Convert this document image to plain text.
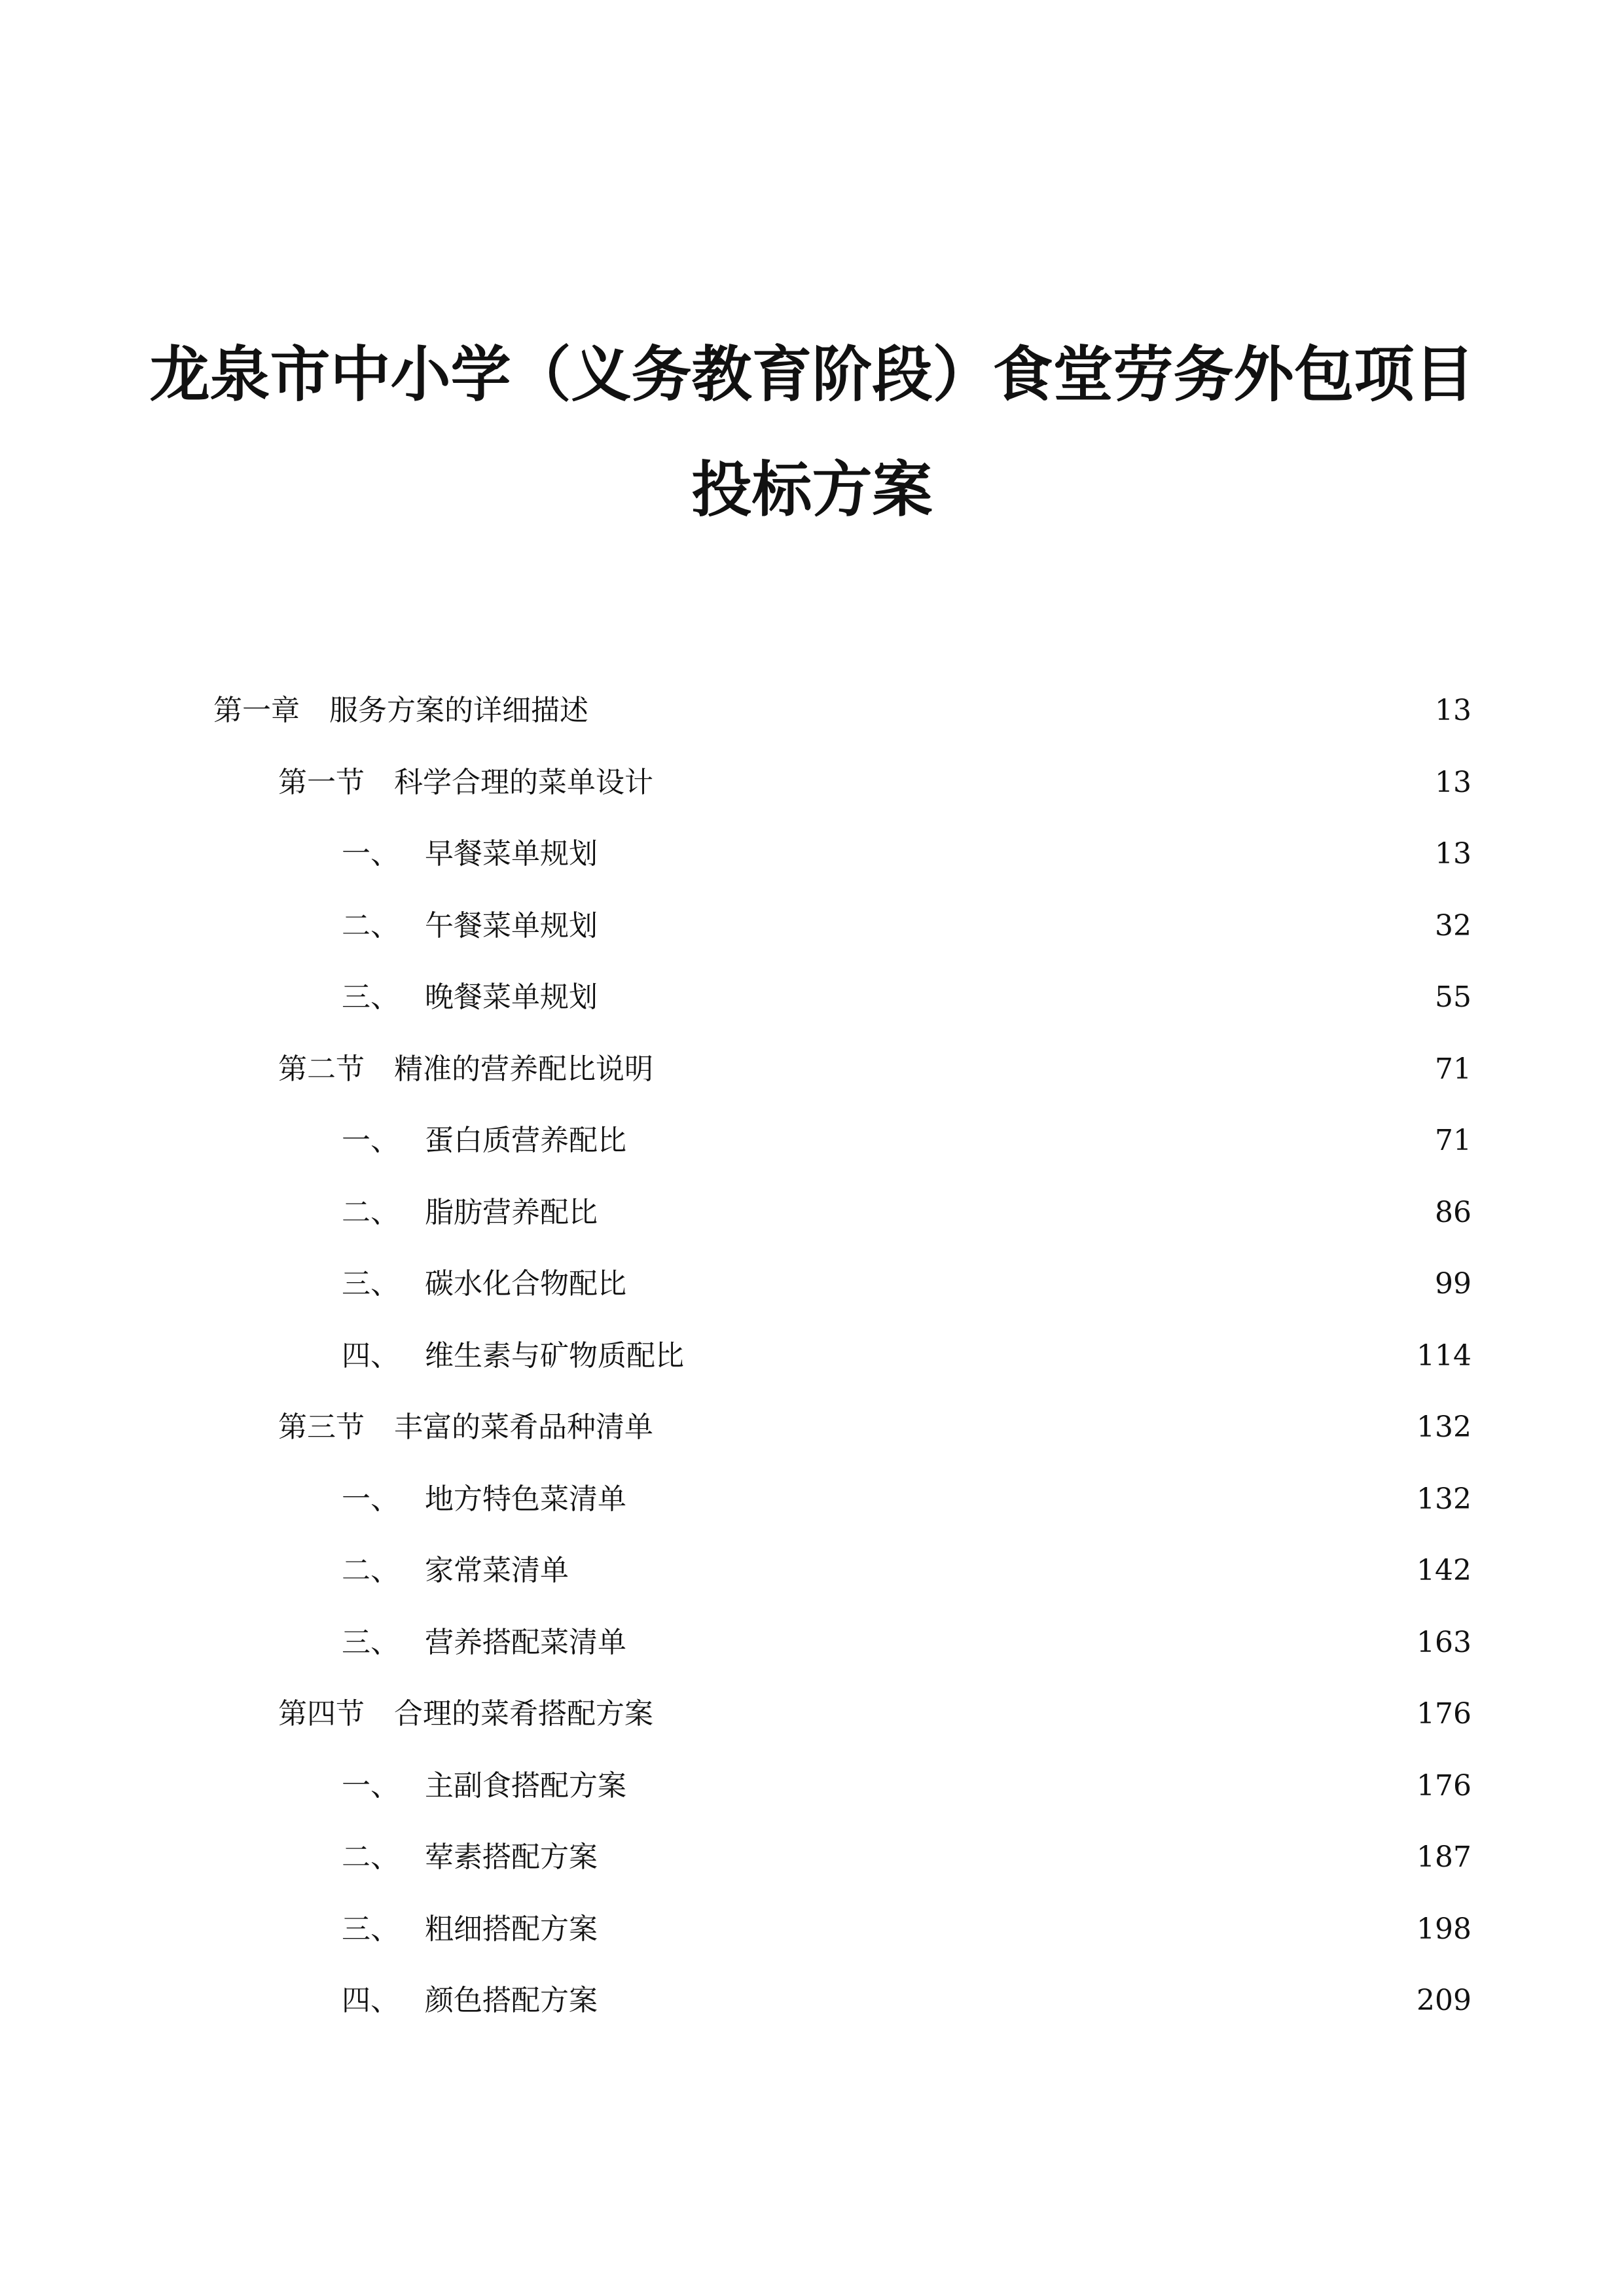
龙泉市中小学（义务教育阶段）食堂劳务外包项目
投标方案
第一章	服务方案的详细描述	13
第一节	科学合理的菜单设计	13
一、 早餐菜单规划	13
二、 午餐菜单规划	32
三、 晚餐菜单规划	55
第二节	精准的营养配比说明	71
一、 蛋白质营养配比	71
二、 脂肪营养配比	86
三、 碳水化合物配比	99
四、 维生素与矿物质配比	114
第三节	丰富的菜肴品种清单	132
一、 地方特色菜清单	132
二、 家常菜清单	142
三、 营养搭配菜清单	163
第四节	合理的菜肴搭配方案	176
一、 主副食搭配方案	176
二、 荤素搭配方案	187
三、 粗细搭配方案	198
四、 颜色搭配方案	209
